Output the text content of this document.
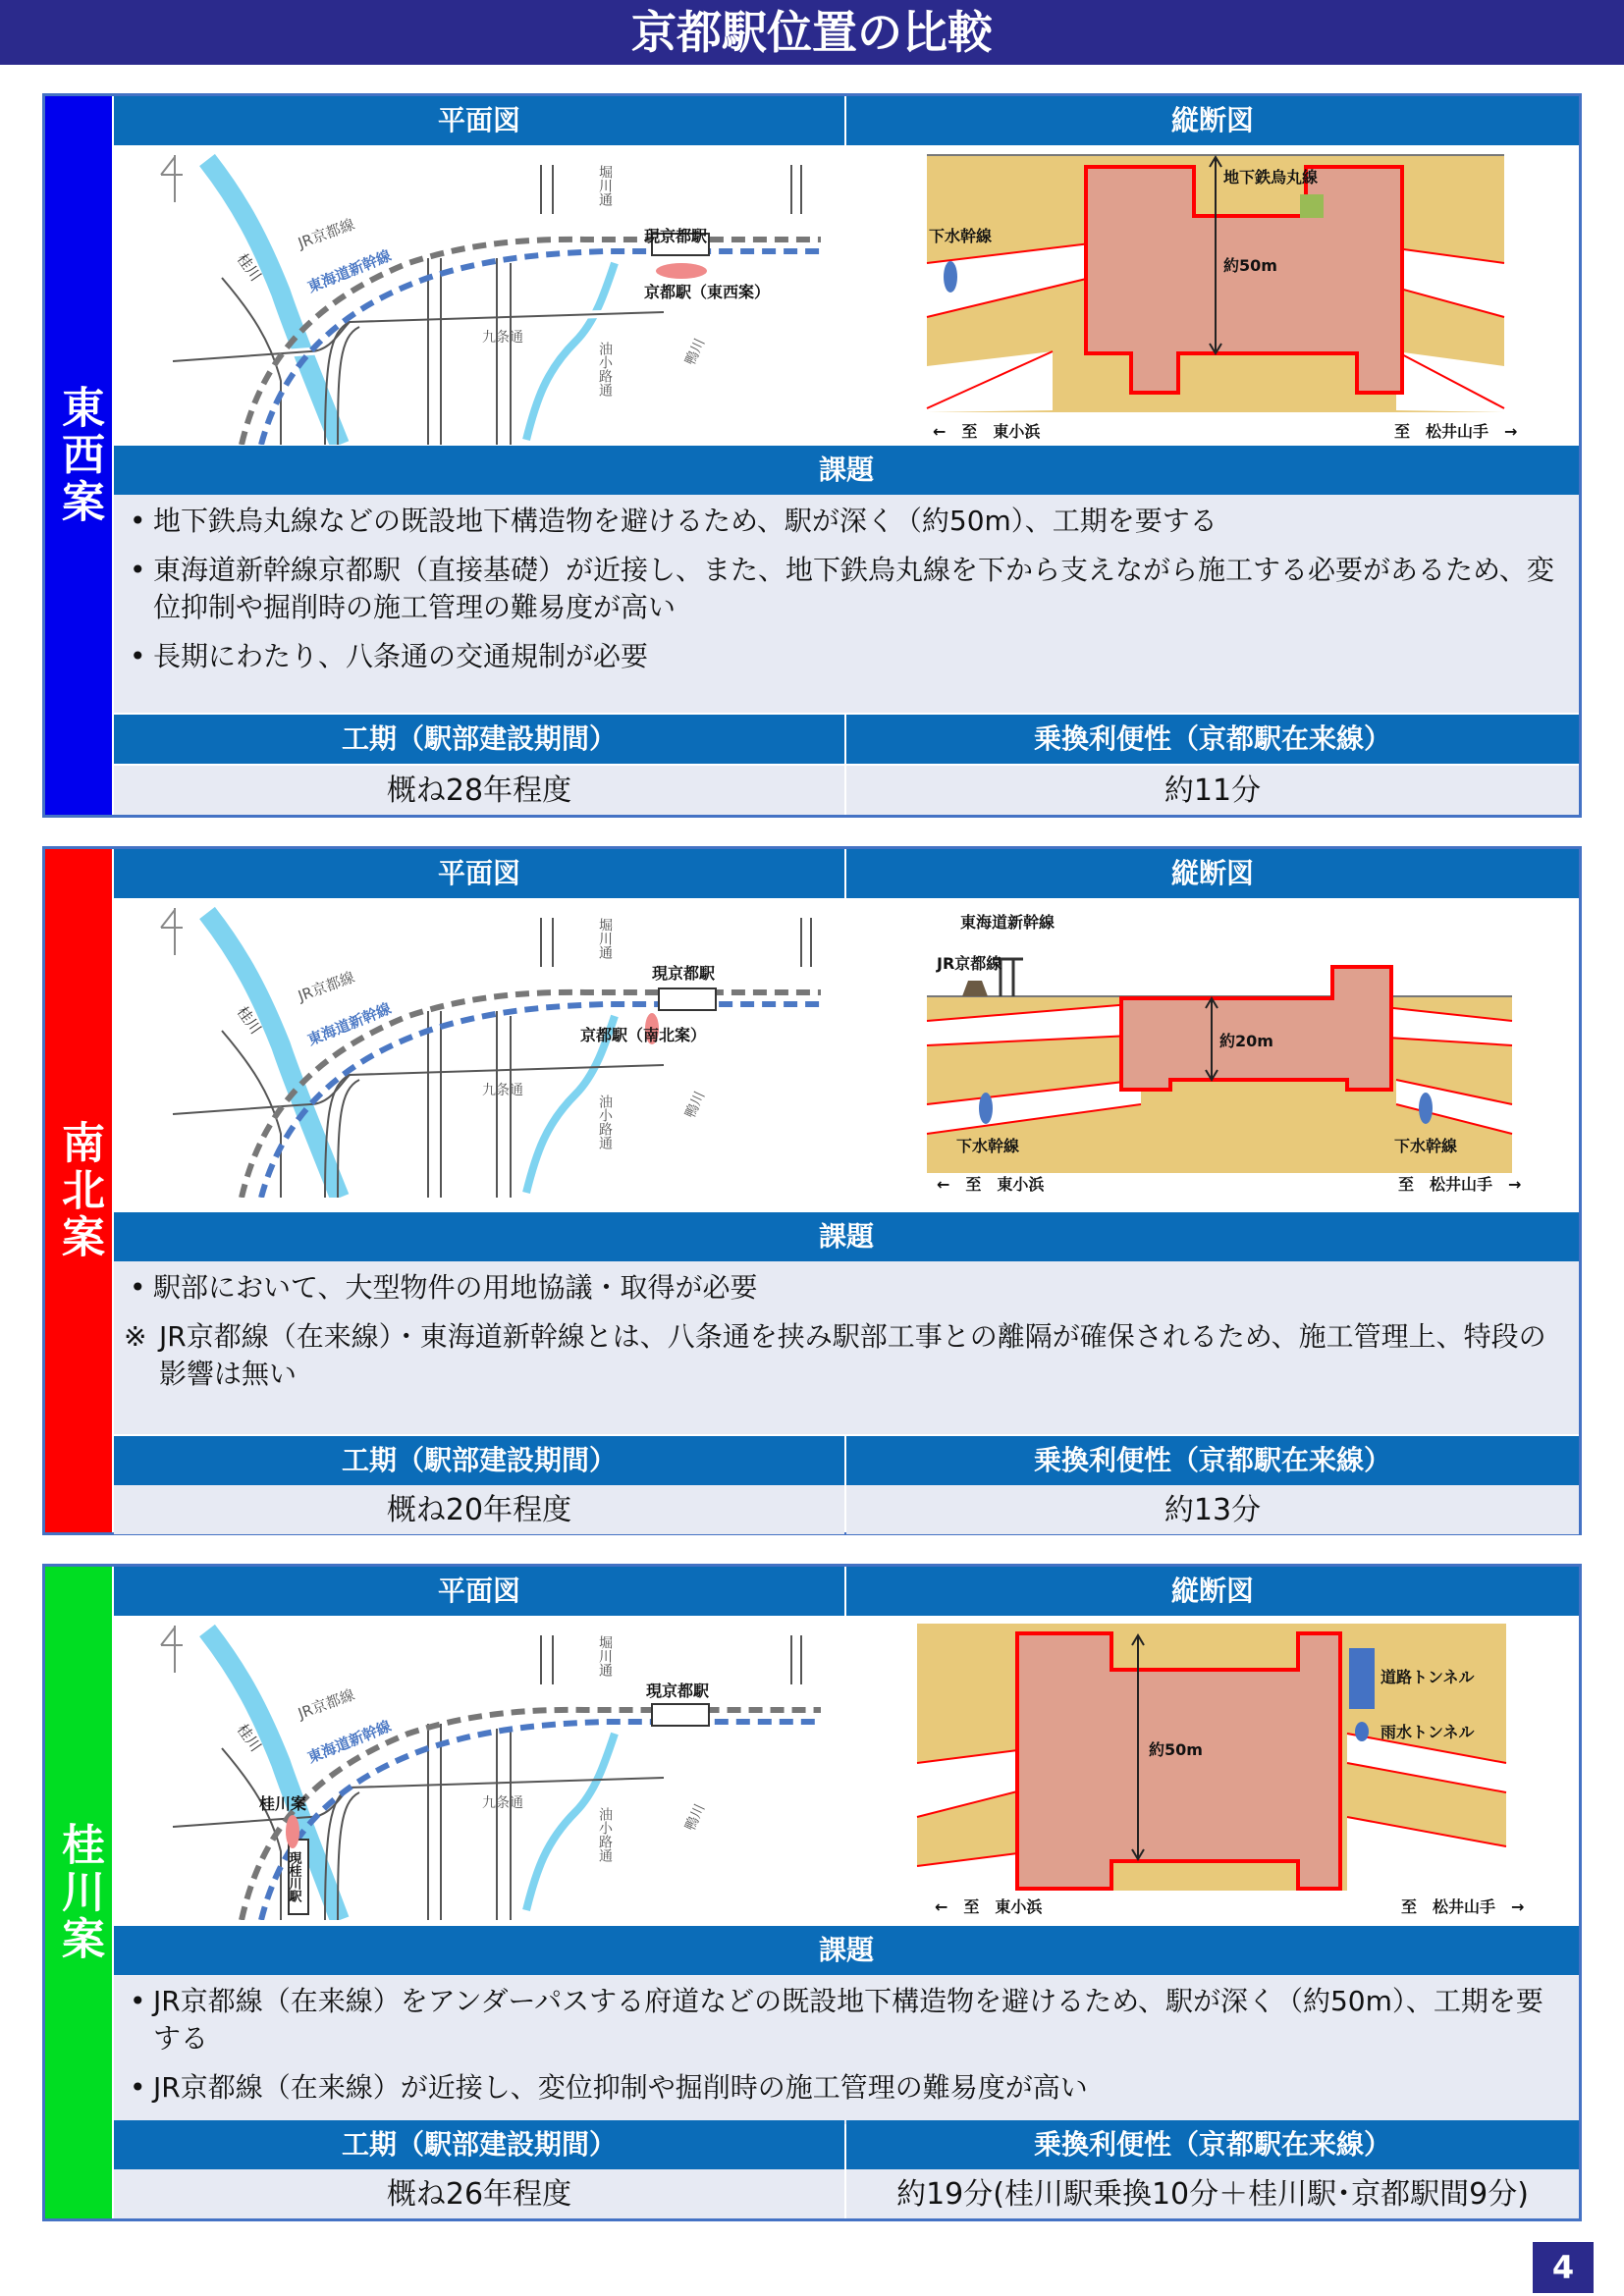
京都駅位置の比較
東西案
平面図	縦断図
堀川通
JR京都線
東海道新幹線
桂川
九条通
油小路通	鴨川
京都駅（東西案）
現京都駅
約50m
地下鉄烏丸線
下水幹線
←　至　東小浜	至　松井山手　→
課題
• 地下鉄烏丸線などの既設地下構造物を避けるため、駅が深く（約50m）、工期を要する
• 東海道新幹線京都駅（直接基礎）が近接し、また、地下鉄烏丸線を下から支えながら施工する必要があるため、変位抑制や掘削時の施工管理の難易度が高い
• 長期にわたり、八条通の交通規制が必要
工期（駅部建設期間）	乗換利便性（京都駅在来線）
概ね28年程度	約11分
南北案
平面図	縦断図
堀川通
JR京都線
東海道新幹線
桂川
九条通
油小路通	鴨川
京都駅（南北案）
現京都駅
約20m
東海道新幹線
JR京都線
下水幹線	下水幹線
←　至　東小浜	至　松井山手　→
課題
• 駅部において、大型物件の用地協議・取得が必要
※ JR京都線（在来線）・東海道新幹線とは、八条通を挟み駅部工事との離隔が確保されるため、施工管理上、特段の影響は無い
工期（駅部建設期間）	乗換利便性（京都駅在来線）
概ね20年程度	約13分
桂川案
平面図	縦断図
堀川通
JR京都線
東海道新幹線
桂川
九条通
油小路通	鴨川
現京都駅
桂川案
現桂川駅
約50m
道路トンネル
雨水トンネル
←　至　東小浜	至　松井山手　→
課題
• JR京都線（在来線）をアンダーパスする府道などの既設地下構造物を避けるため、駅が深く（約50m）、工期を要する
• JR京都線（在来線）が近接し、変位抑制や掘削時の施工管理の難易度が高い
工期（駅部建設期間）	乗換利便性（京都駅在来線）
概ね26年程度	約19分(桂川駅乗換10分＋桂川駅･京都駅間9分)
4
